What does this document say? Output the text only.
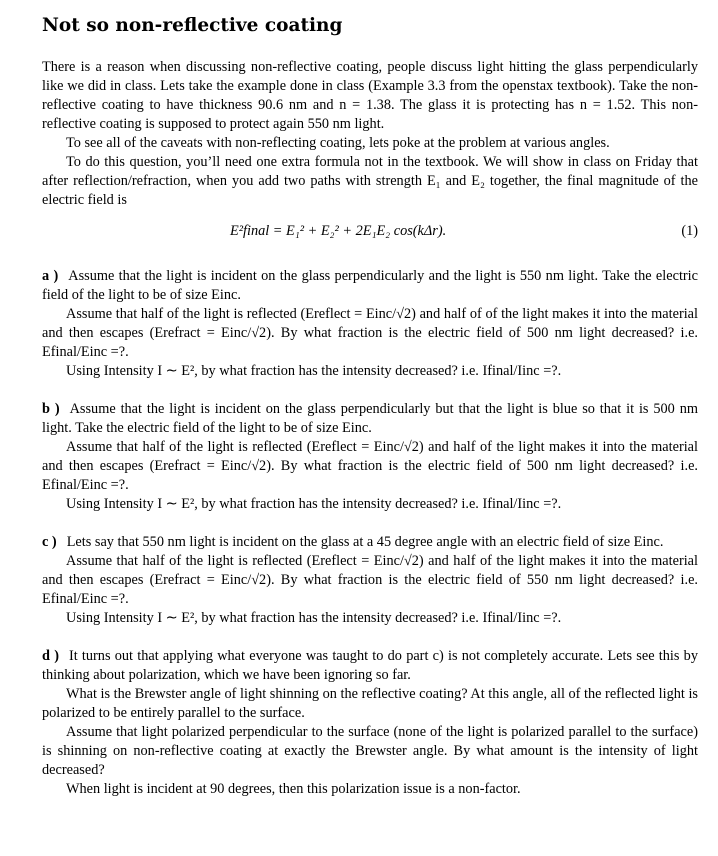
Not so non-reflective coating

There is a reason when discussing non-reflective coating, people discuss light hitting the glass perpendicularly like we did in class. Lets take the example done in class (Example 3.3 from the openstax textbook). Take the non-reflective coating to have thickness 90.6 nm and n = 1.38. The glass it is protecting has n = 1.52. This non-reflective coating is supposed to protect again 550 nm light.

To see all of the caveats with non-reflecting coating, lets poke at the problem at various angles.

To do this question, you’ll need one extra formula not in the textbook. We will show in class on Friday that after reflection/refraction, when you add two paths with strength E₁ and E₂ together, the final magnitude of the electric field is

E²final = E₁² + E₂² + 2E₁E₂ cos(kΔr).	(1)

a ) Assume that the light is incident on the glass perpendicularly and the light is 550 nm light. Take the electric field of the light to be of size Einc.

Assume that half of the light is reflected (Ereflect = Einc/√2) and half of of the light makes it into the material and then escapes (Erefract = Einc/√2). By what fraction is the electric field of 500 nm light decreased? i.e. Efinal/Einc =?.

Using Intensity I ∼ E², by what fraction has the intensity decreased? i.e. Ifinal/Iinc =?.

b ) Assume that the light is incident on the glass perpendicularly but that the light is blue so that it is 500 nm light. Take the electric field of the light to be of size Einc.

Assume that half of the light is reflected (Ereflect = Einc/√2) and half of the light makes it into the material and then escapes (Erefract = Einc/√2). By what fraction is the electric field of 500 nm light decreased? i.e. Efinal/Einc =?.

Using Intensity I ∼ E², by what fraction has the intensity decreased? i.e. Ifinal/Iinc =?.

c ) Lets say that 550 nm light is incident on the glass at a 45 degree angle with an electric field of size Einc.

Assume that half of the light is reflected (Ereflect = Einc/√2) and half of the light makes it into the material and then escapes (Erefract = Einc/√2). By what fraction is the electric field of 550 nm light decreased? i.e. Efinal/Einc =?.

Using Intensity I ∼ E², by what fraction has the intensity decreased? i.e. Ifinal/Iinc =?.

d ) It turns out that applying what everyone was taught to do part c) is not completely accurate. Lets see this by thinking about polarization, which we have been ignoring so far.

What is the Brewster angle of light shinning on the reflective coating? At this angle, all of the reflected light is polarized to be entirely parallel to the surface.

Assume that light polarized perpendicular to the surface (none of the light is polarized parallel to the surface) is shinning on non-reflective coating at exactly the Brewster angle. By what amount is the intensity of light decreased?

When light is incident at 90 degrees, then this polarization issue is a non-factor.
